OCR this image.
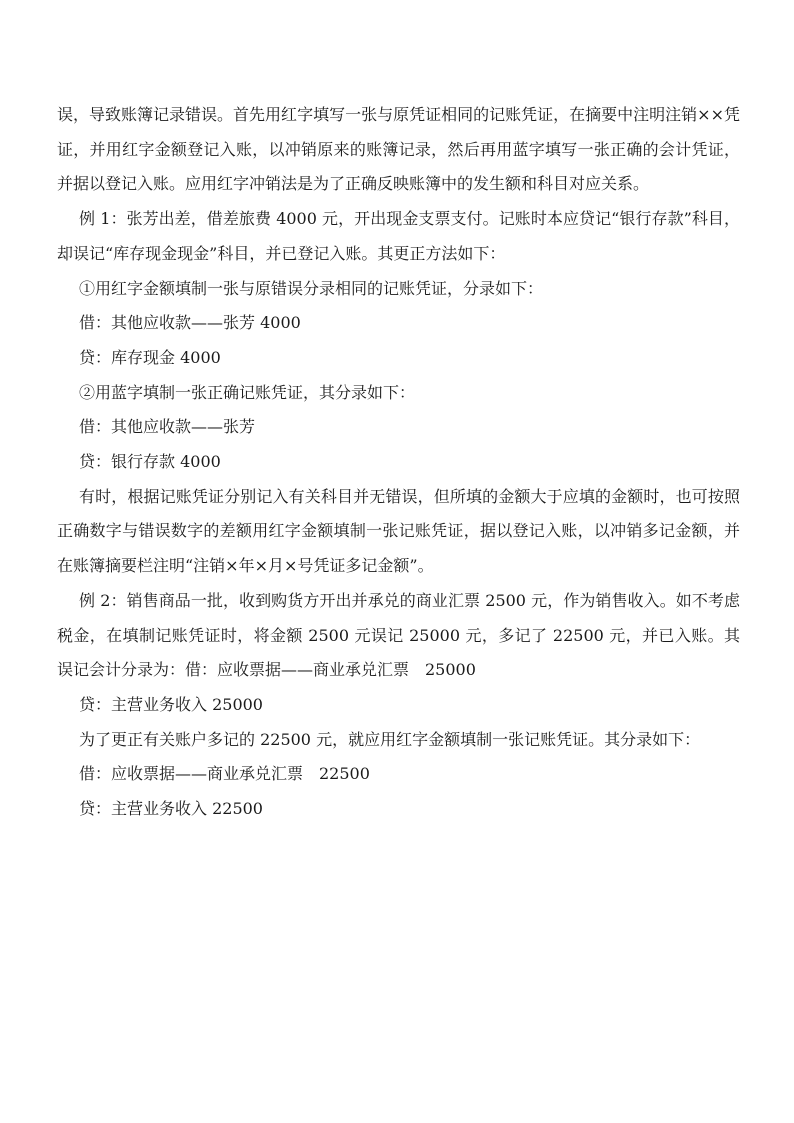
误，导致账簿记录错误。首先用红字填写一张与原凭证相同的记账凭证，在摘要中注明注销××凭证，并用红字金额登记入账，以冲销原来的账簿记录，然后再用蓝字填写一张正确的会计凭证，并据以登记入账。应用红字冲销法是为了正确反映账簿中的发生额和科目对应关系。

例 1：张芳出差，借差旅费 4000 元，开出现金支票支付。记账时本应贷记“银行存款”科目，却误记“库存现金现金”科目，并已登记入账。其更正方法如下：

①用红字金额填制一张与原错误分录相同的记账凭证，分录如下：

借：其他应收款——张芳 4000

贷：库存现金 4000

②用蓝字填制一张正确记账凭证，其分录如下：

借：其他应收款——张芳

贷：银行存款 4000

有时，根据记账凭证分别记入有关科目并无错误，但所填的金额大于应填的金额时，也可按照正确数字与错误数字的差额用红字金额填制一张记账凭证，据以登记入账，以冲销多记金额，并在账簿摘要栏注明“注销×年×月×号凭证多记金额”。

例 2：销售商品一批，收到购货方开出并承兑的商业汇票 2500 元，作为销售收入。如不考虑税金，在填制记账凭证时，将金额 2500 元误记 25000 元，多记了 22500 元，并已入账。其误记会计分录为：借：应收票据——商业承兑汇票　25000

贷：主营业务收入 25000

为了更正有关账户多记的 22500 元，就应用红字金额填制一张记账凭证。其分录如下：

借：应收票据——商业承兑汇票　22500

贷：主营业务收入 22500
